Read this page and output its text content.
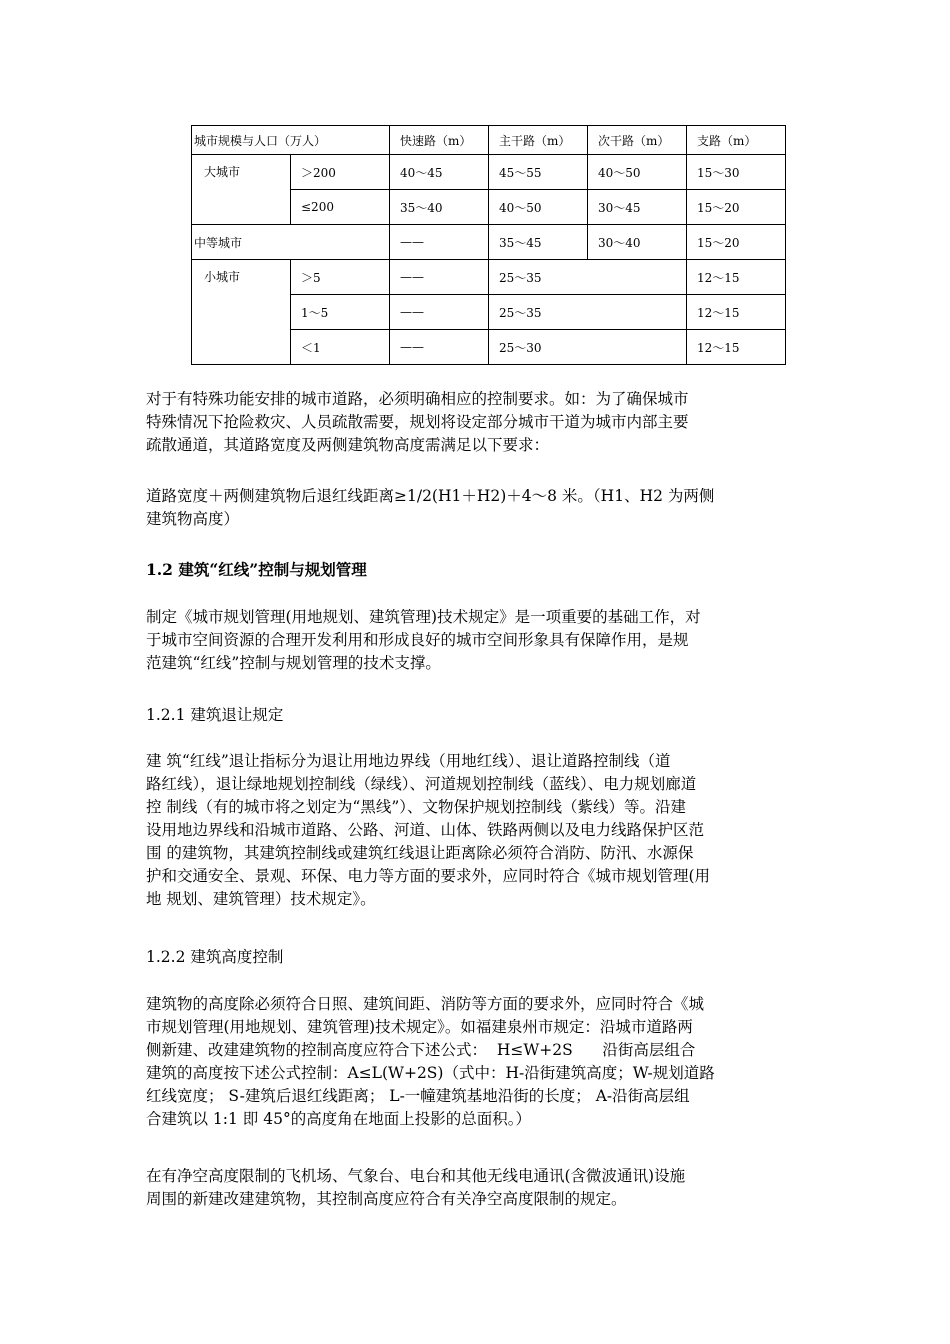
城市规模与人口（万人）		快速路（m）	主干路（m）	次干路（m）	支路（m）
大城市	＞200	40～45	45～55	40～50	15～30
	≤200	35～40	40～50	30～45	15～20
中等城市		——	35～45	30～40	15～20
小城市	＞5	——	25～35		12～15
	1～5	——	25～35		12～15
	＜1	——	25～30		12～15
对于有特殊功能安排的城市道路，必须明确相应的控制要求。如：为了确保城市
特殊情况下抢险救灾、人员疏散需要，规划将设定部分城市干道为城市内部主要
疏散通道，其道路宽度及两侧建筑物高度需满足以下要求：
道路宽度＋两侧建筑物后退红线距离≥1/2(H1＋H2)＋4～8 米。（H1、H2 为两侧
建筑物高度）
1.2 建筑“红线”控制与规划管理
制定《城市规划管理(用地规划、建筑管理)技术规定》是一项重要的基础工作，对
于城市空间资源的合理开发利用和形成良好的城市空间形象具有保障作用，是规
范建筑“红线”控制与规划管理的技术支撑。
1.2.1 建筑退让规定
建 筑“红线”退让指标分为退让用地边界线（用地红线）、退让道路控制线（道
路红线），退让绿地规划控制线（绿线）、河道规划控制线（蓝线）、电力规划廊道
控 制线（有的城市将之划定为“黑线”）、文物保护规划控制线（紫线）等。沿建
设用地边界线和沿城市道路、公路、河道、山体、铁路两侧以及电力线路保护区范
围 的建筑物，其建筑控制线或建筑红线退让距离除必须符合消防、防汛、水源保
护和交通安全、景观、环保、电力等方面的要求外，应同时符合《城市规划管理(用
地 规划、建筑管理）技术规定》。
1.2.2 建筑高度控制
建筑物的高度除必须符合日照、建筑间距、消防等方面的要求外，应同时符合《城
市规划管理(用地规划、建筑管理)技术规定》。如福建泉州市规定：沿城市道路两
侧新建、改建建筑物的控制高度应符合下述公式：  H≤W+2S      沿街高层组合
建筑的高度按下述公式控制：A≤L(W+2S)（式中：H-沿街建筑高度；W-规划道路
红线宽度； S-建筑后退红线距离； L-一幢建筑基地沿街的长度； A-沿街高层组
合建筑以 1:1 即 45°的高度角在地面上投影的总面积。）
在有净空高度限制的飞机场、气象台、电台和其他无线电通讯(含微波通讯)设施
周围的新建改建建筑物，其控制高度应符合有关净空高度限制的规定。
